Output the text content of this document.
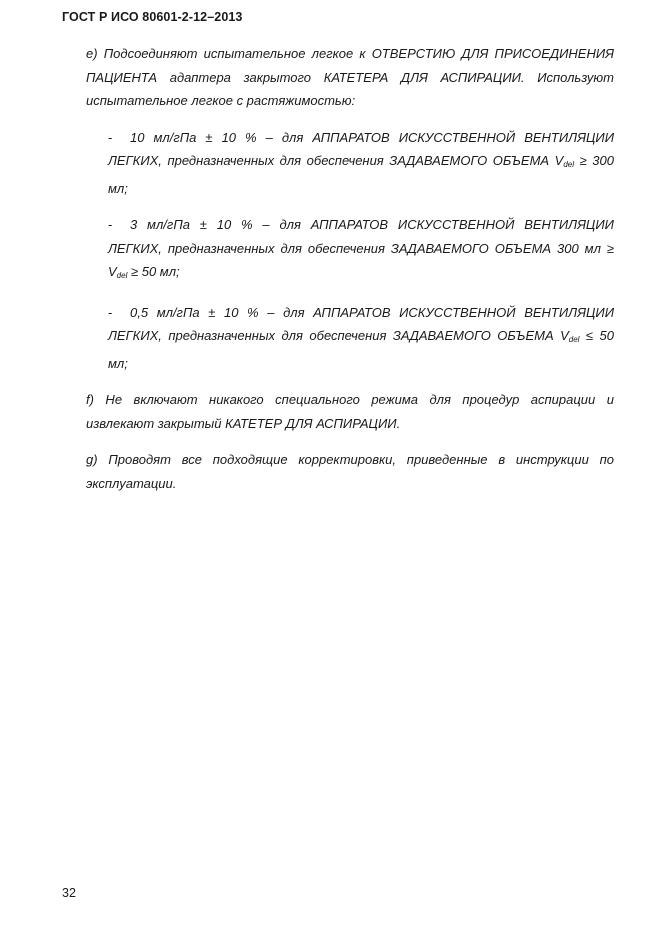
ГОСТ Р ИСО 80601-2-12–2013

e) Подсоединяют испытательное легкое к ОТВЕРСТИЮ ДЛЯ ПРИСОЕДИНЕНИЯ ПАЦИЕНТА адаптера закрытого КАТЕТЕРА ДЛЯ АСПИРАЦИИ. Используют испытательное легкое с растяжимостью:

- 10 мл/гПа ± 10 % – для АППАРАТОВ ИСКУССТВЕННОЙ ВЕНТИЛЯЦИИ ЛЕГКИХ, предназначенных для обеспечения ЗАДАВАЕМОГО ОБЪЕМА $V_{del} \ge 300$ мл;

- 3 мл/гПа ± 10 % – для АППАРАТОВ ИСКУССТВЕННОЙ ВЕНТИЛЯЦИИ ЛЕГКИХ, предназначенных для обеспечения ЗАДАВАЕМОГО ОБЪЕМА 300 мл ≥ $V_{del} \ge 50$ мл;

- 0,5 мл/гПа ± 10 % – для АППАРАТОВ ИСКУССТВЕННОЙ ВЕНТИЛЯЦИИ ЛЕГКИХ, предназначенных для обеспечения ЗАДАВАЕМОГО ОБЪЕМА $V_{del} \le 50$ мл;

f) Не включают никакого специального режима для процедур аспирации и извлекают закрытый КАТЕТЕР ДЛЯ АСПИРАЦИИ.

g) Проводят все подходящие корректировки, приведенные в инструкции по эксплуатации.

32
